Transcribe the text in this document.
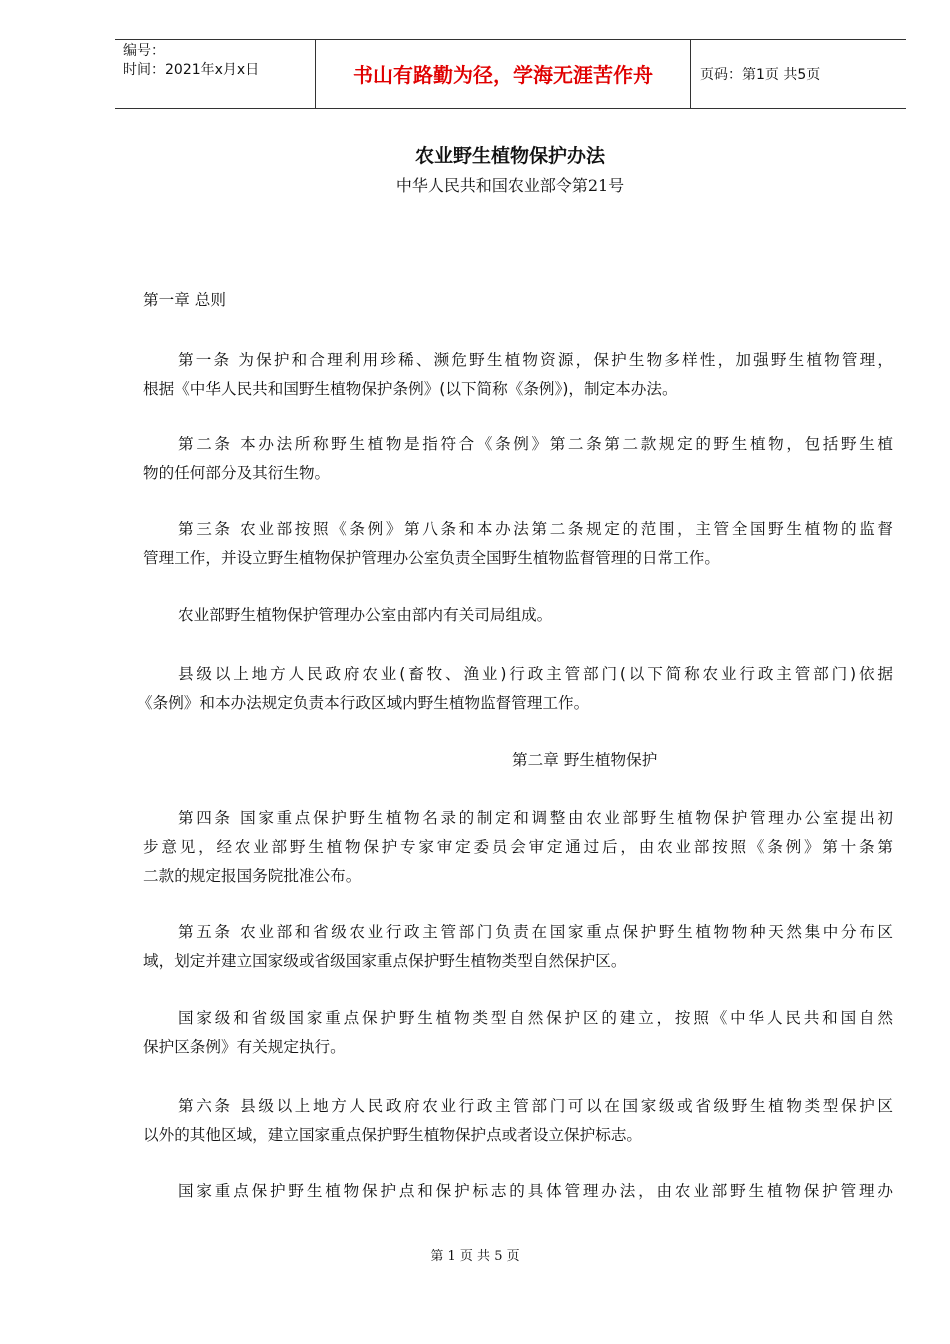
编号：
时间：2021年x月x日	书山有路勤为径，学海无涯苦作舟	页码：第1页 共5页
农业野生植物保护办法
中华人民共和国农业部令第21号
第一章 总则
第一条 为保护和合理利用珍稀、濒危野生植物资源，保护生物多样性，加强野生植物管理，
根据《中华人民共和国野生植物保护条例》(以下简称《条例》)，制定本办法。
第二条 本办法所称野生植物是指符合《条例》第二条第二款规定的野生植物，包括野生植
物的任何部分及其衍生物。
第三条 农业部按照《条例》第八条和本办法第二条规定的范围，主管全国野生植物的监督
管理工作，并设立野生植物保护管理办公室负责全国野生植物监督管理的日常工作。
农业部野生植物保护管理办公室由部内有关司局组成。
县级以上地方人民政府农业(畜牧、渔业)行政主管部门(以下简称农业行政主管部门)依据
《条例》和本办法规定负责本行政区域内野生植物监督管理工作。
第二章 野生植物保护
第四条 国家重点保护野生植物名录的制定和调整由农业部野生植物保护管理办公室提出初
步意见，经农业部野生植物保护专家审定委员会审定通过后，由农业部按照《条例》第十条第
二款的规定报国务院批准公布。
第五条 农业部和省级农业行政主管部门负责在国家重点保护野生植物物种天然集中分布区
域，划定并建立国家级或省级国家重点保护野生植物类型自然保护区。
国家级和省级国家重点保护野生植物类型自然保护区的建立，按照《中华人民共和国自然
保护区条例》有关规定执行。
第六条 县级以上地方人民政府农业行政主管部门可以在国家级或省级野生植物类型保护区
以外的其他区域，建立国家重点保护野生植物保护点或者设立保护标志。
国家重点保护野生植物保护点和保护标志的具体管理办法，由农业部野生植物保护管理办
第 1 页 共 5 页
